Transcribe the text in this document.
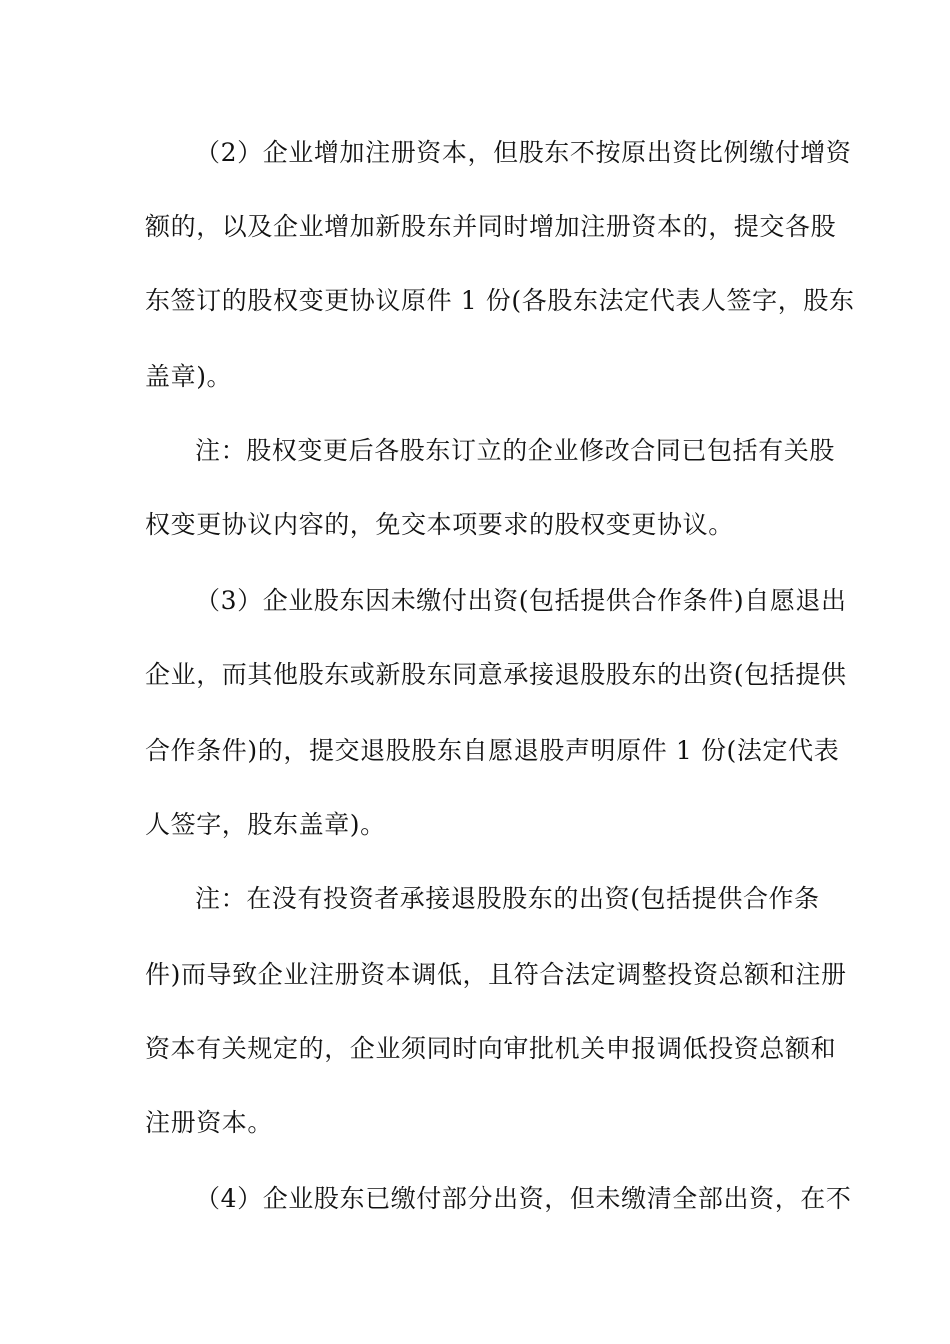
（2）企业增加注册资本，但股东不按原出资比例缴付增资
额的，以及企业增加新股东并同时增加注册资本的，提交各股
东签订的股权变更协议原件 1 份(各股东法定代表人签字，股东
盖章)。
注：股权变更后各股东订立的企业修改合同已包括有关股
权变更协议内容的，免交本项要求的股权变更协议。
（3）企业股东因未缴付出资(包括提供合作条件)自愿退出
企业，而其他股东或新股东同意承接退股股东的出资(包括提供
合作条件)的，提交退股股东自愿退股声明原件 1 份(法定代表
人签字，股东盖章)。
注：在没有投资者承接退股股东的出资(包括提供合作条
件)而导致企业注册资本调低，且符合法定调整投资总额和注册
资本有关规定的，企业须同时向审批机关申报调低投资总额和
注册资本。
（4）企业股东已缴付部分出资，但未缴清全部出资，在不
